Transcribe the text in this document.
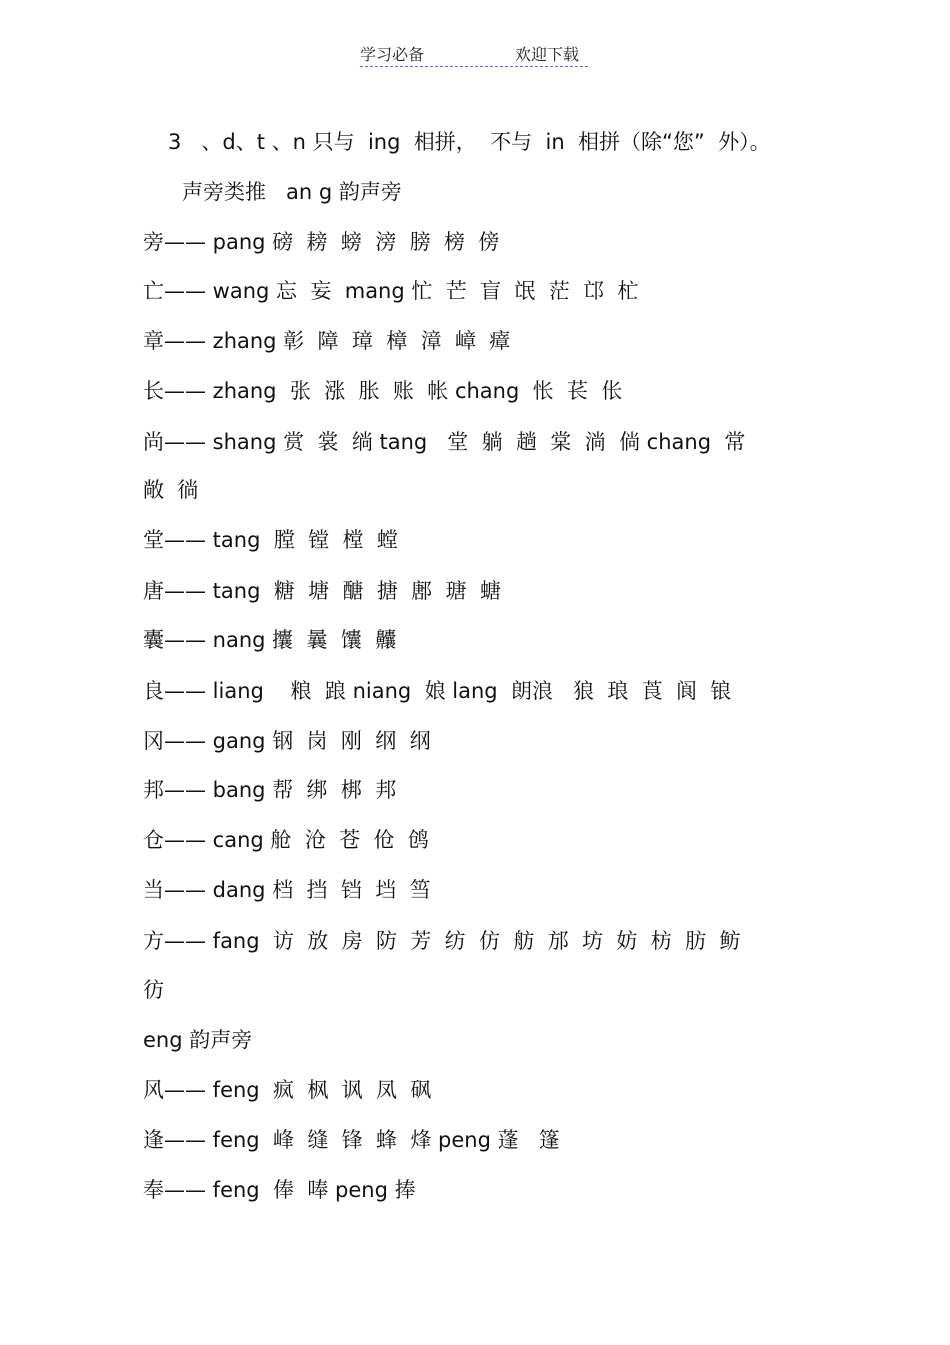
学习必备	欢迎下载
3   、d、t 、n 只与  ing  相拼，  不与  in  相拼（除“您”  外）。
声旁类推   an g 韵声旁
旁—— pang 磅  耪  螃  滂  膀  榜  傍
亡—— wang 忘  妄  mang 忙  芒  盲  氓  茫  邙  杧
章—— zhang 彰  障  璋  樟  漳  嶂  瘴
长—— zhang  张  涨  胀  账  帐 chang  怅  苌  伥
尚—— shang 赏  裳  绱 tang   堂  躺  趟  棠  淌  倘 chang  常
敞  徜
堂—— tang  膛  镗  樘  螳
唐—— tang  糖  塘  醣  搪  鄌  瑭  螗
囊—— nang 攮  曩  馕  齉
良—— liang    粮  踉 niang  娘 lang  朗浪   狼  琅  莨  阆  锒
冈—— gang 钢  岗  刚  纲  纲
邦—— bang 帮  绑  梆  邦
仓—— cang 舱  沧  苍  伧  鸧
当—— dang 档  挡  铛  垱  筜
方—— fang  访  放  房  防  芳  纺  仿  舫  邡  坊  妨  枋  肪  鲂
彷
eng 韵声旁
风—— feng  疯  枫  讽  凤  砜
逢—— feng  峰  缝  锋  蜂  烽 peng 蓬   篷
奉—— feng  俸  唪 peng 捧
